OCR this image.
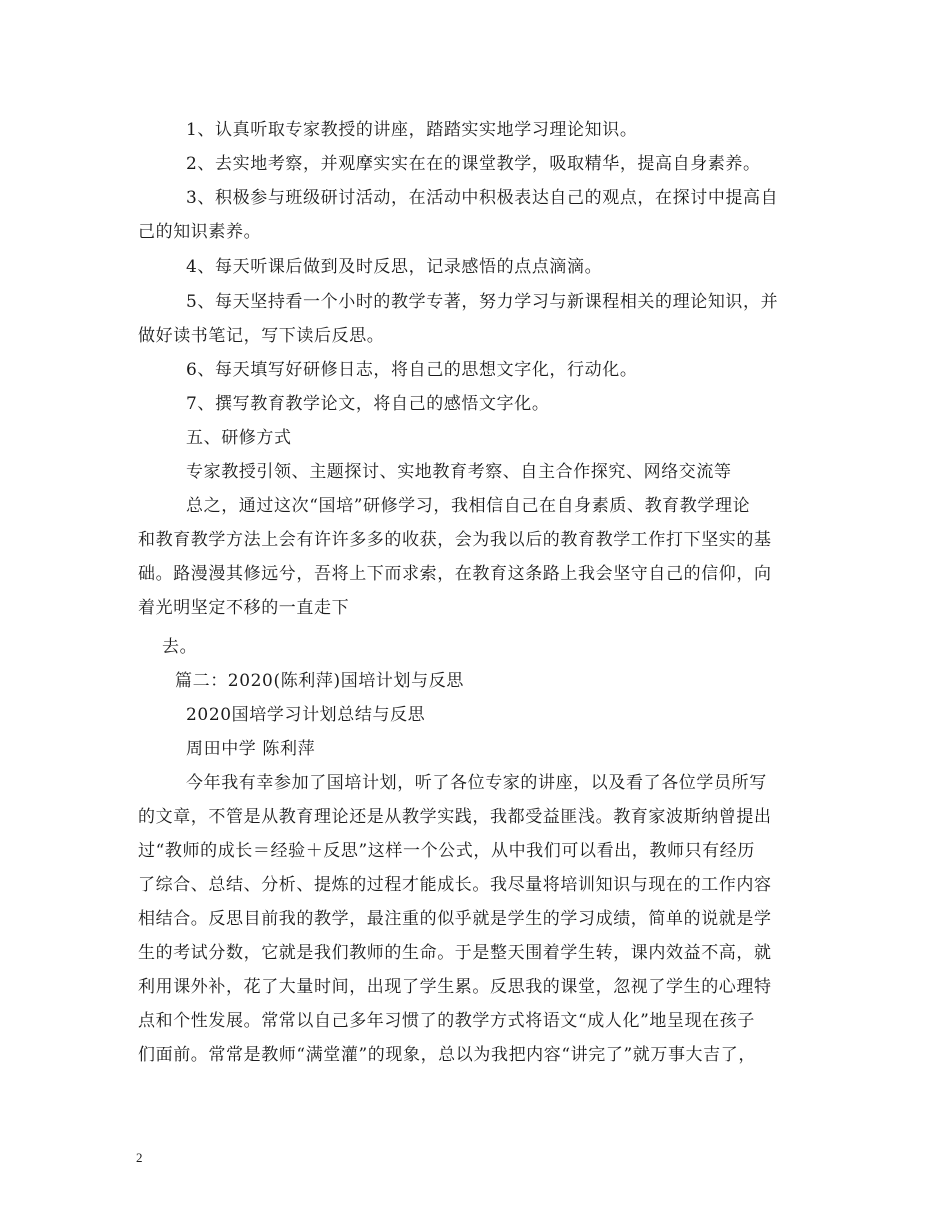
1、认真听取专家教授的讲座，踏踏实实地学习理论知识。
2、去实地考察，并观摩实实在在的课堂教学，吸取精华，提高自身素养。
3、积极参与班级研讨活动，在活动中积极表达自己的观点，在探讨中提高自
己的知识素养。
4、每天听课后做到及时反思，记录感悟的点点滴滴。
5、每天坚持看一个小时的教学专著，努力学习与新课程相关的理论知识，并
做好读书笔记，写下读后反思。
6、每天填写好研修日志，将自己的思想文字化，行动化。
7、撰写教育教学论文，将自己的感悟文字化。
五、研修方式
专家教授引领、主题探讨、实地教育考察、自主合作探究、网络交流等
总之，通过这次“国培”研修学习，我相信自己在自身素质、教育教学理论
和教育教学方法上会有许许多多的收获，会为我以后的教育教学工作打下坚实的基
础。路漫漫其修远兮，吾将上下而求索，在教育这条路上我会坚守自己的信仰，向
着光明坚定不移的一直走下
去。
篇二：2020(陈利萍)国培计划与反思
2020国培学习计划总结与反思
周田中学 陈利萍
今年我有幸参加了国培计划，听了各位专家的讲座，以及看了各位学员所写
的文章，不管是从教育理论还是从教学实践，我都受益匪浅。教育家波斯纳曾提出
过“教师的成长＝经验＋反思”这样一个公式，从中我们可以看出，教师只有经历
了综合、总结、分析、提炼的过程才能成长。我尽量将培训知识与现在的工作内容
相结合。反思目前我的教学，最注重的似乎就是学生的学习成绩，简单的说就是学
生的考试分数，它就是我们教师的生命。于是整天围着学生转，课内效益不高，就
利用课外补，花了大量时间，出现了学生累。反思我的课堂，忽视了学生的心理特
点和个性发展。常常以自己多年习惯了的教学方式将语文“成人化”地呈现在孩子
们面前。常常是教师“满堂灌”的现象，总以为我把内容“讲完了”就万事大吉了，
2
